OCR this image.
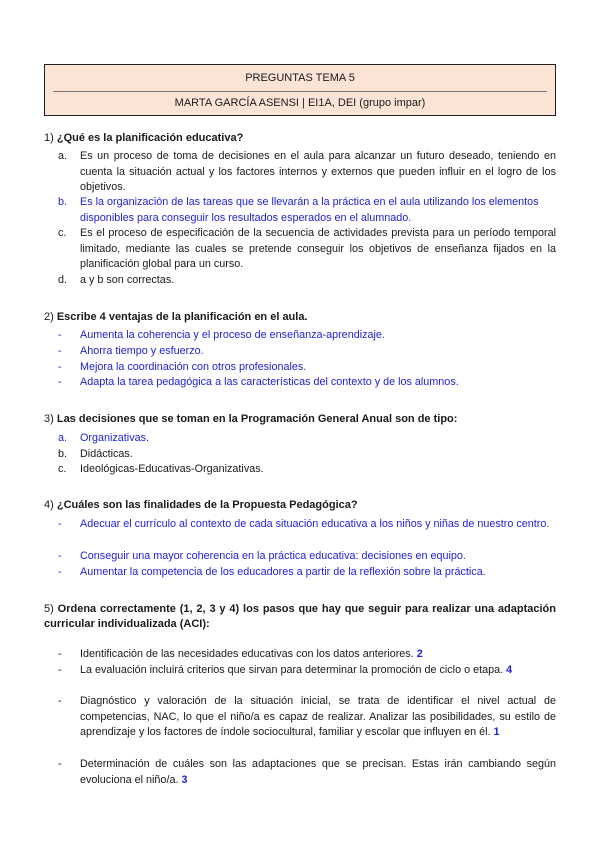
PREGUNTAS TEMA 5
MARTA GARCÍA ASENSI | EI1A, DEI (grupo impar)
1) ¿Qué es la planificación educativa?
a.	Es un proceso de toma de decisiones en el aula para alcanzar un futuro deseado, teniendo en cuenta la situación actual y los factores internos y externos que pueden influir en el logro de los objetivos.
b.	Es la organización de las tareas que se llevarán a la práctica en el aula utilizando los elementos disponibles para conseguir los resultados esperados en el alumnado.
c.	Es el proceso de especificación de la secuencia de actividades prevista para un período temporal limitado, mediante las cuales se pretende conseguir los objetivos de enseñanza fijados en la planificación global para un curso.
d.	a y b son correctas.
2) Escribe 4 ventajas de la planificación en el aula.
-	Aumenta la coherencia y el proceso de enseñanza-aprendizaje.
-	Ahorra tiempo y esfuerzo.
-	Mejora la coordinación con otros profesionales.
-	Adapta la tarea pedagógica a las características del contexto y de los alumnos.
3) Las decisiones que se toman en la Programación General Anual son de tipo:
a.	Organizativas.
b.	Didácticas.
c.	Ideológicas-Educativas-Organizativas.
4) ¿Cuáles son las finalidades de la Propuesta Pedagógica?
-	Adecuar el currículo al contexto de cada situación educativa a los niños y niñas de nuestro centro.
-	Conseguir una mayor coherencia en la práctica educativa: decisiones en equipo.
-	Aumentar la competencia de los educadores a partir de la reflexión sobre la práctica.
5) Ordena correctamente (1, 2, 3 y 4) los pasos que hay que seguir para realizar una adaptación curricular individualizada (ACI):
-	Identificación de las necesidades educativas con los datos anteriores. 2
-	La evaluación incluirá criterios que sirvan para determinar la promoción de ciclo o etapa. 4
-	Diagnóstico y valoración de la situación inicial, se trata de identificar el nivel actual de competencias, NAC, lo que el niño/a es capaz de realizar. Analizar las posibilidades, su estilo de aprendizaje y los factores de índole sociocultural, familiar y escolar que influyen en él. 1
-	Determinación de cuáles son las adaptaciones que se precisan. Estas irán cambiando según evoluciona el niño/a. 3
